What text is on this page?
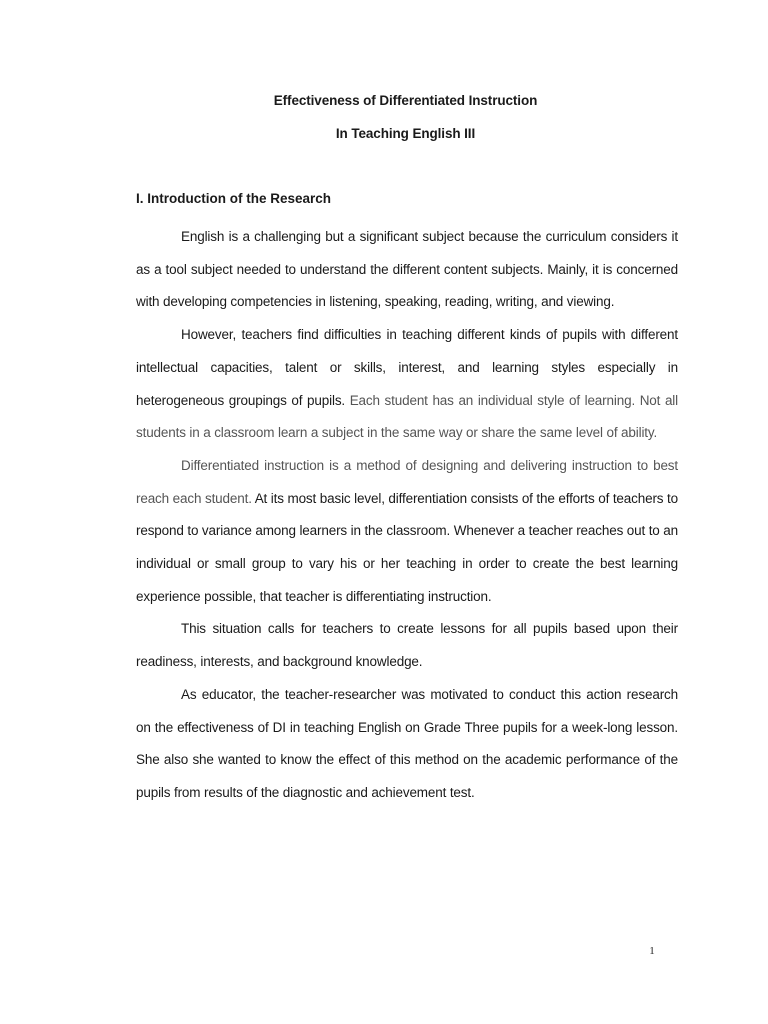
Effectiveness of Differentiated Instruction
In Teaching English III
I. Introduction of the Research

English is a challenging but a significant subject because the curriculum considers it as a tool subject needed to understand the different content subjects. Mainly, it is concerned with developing competencies in listening, speaking, reading, writing, and viewing.

However, teachers find difficulties in teaching different kinds of pupils with different intellectual capacities, talent or skills, interest, and learning styles especially in heterogeneous groupings of pupils. Each student has an individual style of learning. Not all students in a classroom learn a subject in the same way or share the same level of ability.

Differentiated instruction is a method of designing and delivering instruction to best reach each student. At its most basic level, differentiation consists of the efforts of teachers to respond to variance among learners in the classroom. Whenever a teacher reaches out to an individual or small group to vary his or her teaching in order to create the best learning experience possible, that teacher is differentiating instruction.

This situation calls for teachers to create lessons for all pupils based upon their readiness, interests, and background knowledge.

As educator, the teacher-researcher was motivated to conduct this action research on the effectiveness of DI in teaching English on Grade Three pupils for a week-long lesson. She also she wanted to know the effect of this method on the academic performance of the pupils from results of the diagnostic and achievement test.

1
